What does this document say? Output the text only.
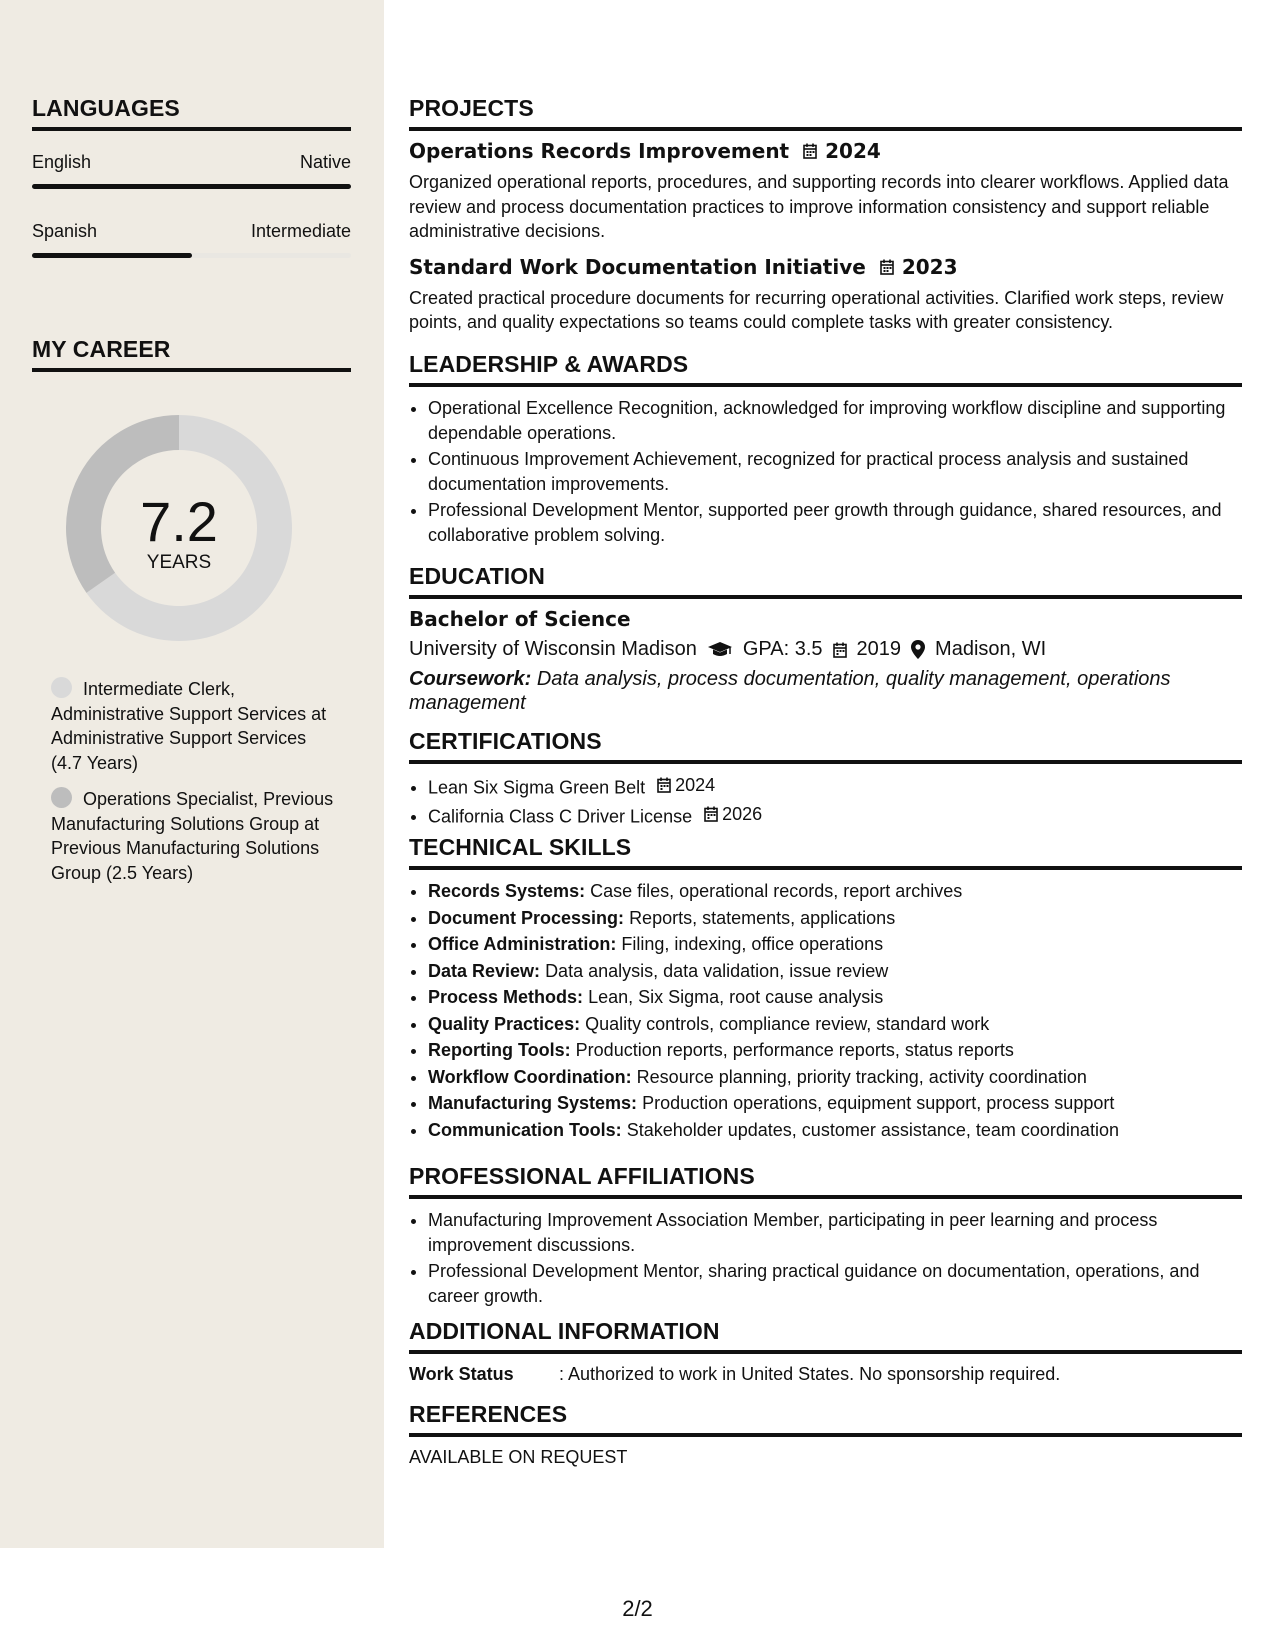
LANGUAGES
English	Native
Spanish	Intermediate
MY CAREER
7.2
YEARS
Intermediate Clerk, Administrative Support Services at Administrative Support Services (4.7 Years)
Operations Specialist, Previous Manufacturing Solutions Group at Previous Manufacturing Solutions Group (2.5 Years)
PROJECTS
Operations Records Improvement 2024
Organized operational reports, procedures, and supporting records into clearer workflows. Applied data review and process documentation practices to improve information consistency and support reliable administrative decisions.
Standard Work Documentation Initiative 2023
Created practical procedure documents for recurring operational activities. Clarified work steps, review points, and quality expectations so teams could complete tasks with greater consistency.
LEADERSHIP & AWARDS
• Operational Excellence Recognition, acknowledged for improving workflow discipline and supporting dependable operations.
• Continuous Improvement Achievement, recognized for practical process analysis and sustained documentation improvements.
• Professional Development Mentor, supported peer growth through guidance, shared resources, and collaborative problem solving.
EDUCATION
Bachelor of Science
University of Wisconsin Madison GPA: 3.5 2019 Madison, WI
Coursework: Data analysis, process documentation, quality management, operations management
CERTIFICATIONS
• Lean Six Sigma Green Belt 2024
• California Class C Driver License 2026
TECHNICAL SKILLS
• Records Systems: Case files, operational records, report archives
• Document Processing: Reports, statements, applications
• Office Administration: Filing, indexing, office operations
• Data Review: Data analysis, data validation, issue review
• Process Methods: Lean, Six Sigma, root cause analysis
• Quality Practices: Quality controls, compliance review, standard work
• Reporting Tools: Production reports, performance reports, status reports
• Workflow Coordination: Resource planning, priority tracking, activity coordination
• Manufacturing Systems: Production operations, equipment support, process support
• Communication Tools: Stakeholder updates, customer assistance, team coordination
PROFESSIONAL AFFILIATIONS
• Manufacturing Improvement Association Member, participating in peer learning and process improvement discussions.
• Professional Development Mentor, sharing practical guidance on documentation, operations, and career growth.
ADDITIONAL INFORMATION
Work Status	: Authorized to work in United States. No sponsorship required.
REFERENCES
AVAILABLE ON REQUEST
2/2
